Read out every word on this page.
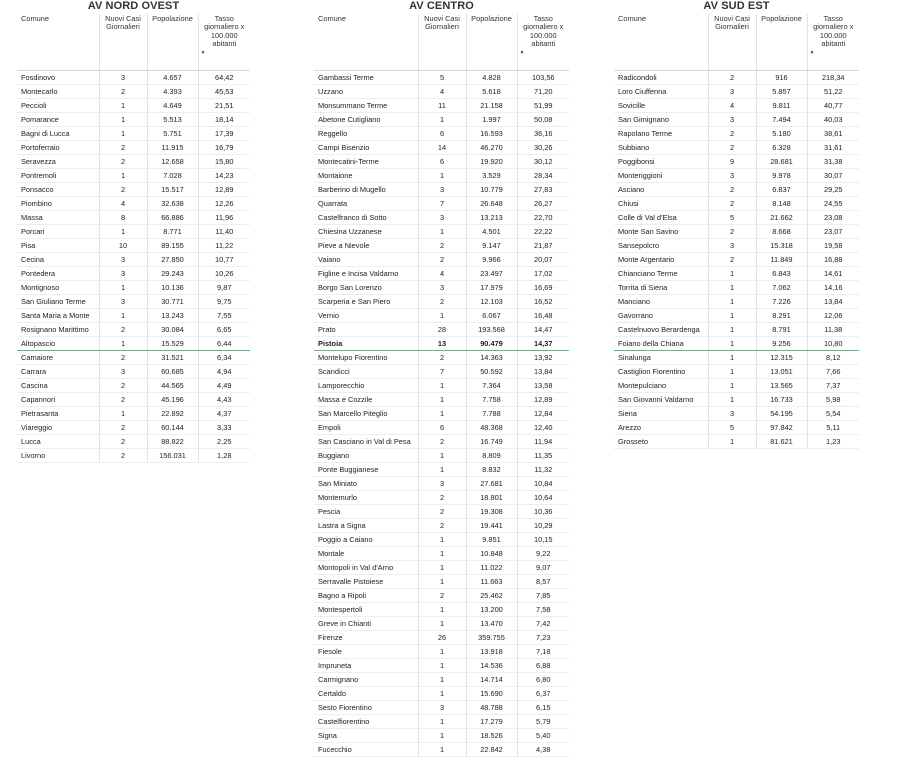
AV NORD OVEST
Comune	Nuovi Casi Giornalieri	Popolazione	Tasso giornaliero x 100.000 abitanti
▼

Fosdinovo	3	4.657	64,42
Montecarlo	2	4.393	45,53
Peccioli	1	4.649	21,51
Pomarance	1	5.513	18,14
Bagni di Lucca	1	5.751	17,39
Portoferraio	2	11.915	16,79
Seravezza	2	12.658	15,80
Pontremoli	1	7.028	14,23
Ponsacco	2	15.517	12,89
Piombino	4	32.638	12,26
Massa	8	66.886	11,96
Porcari	1	8.771	11,40
Pisa	10	89.155	11,22
Cecina	3	27.850	10,77
Pontedera	3	29.243	10,26
Montignoso	1	10.136	9,87
San Giuliano Terme	3	30.771	9,75
Santa Maria a Monte	1	13.243	7,55
Rosignano Marittimo	2	30.084	6,65
Altopascio	1	15.529	6,44
Camaiore	2	31.521	6,34
Carrara	3	60.685	4,94
Cascina	2	44.565	4,49
Capannori	2	45.196	4,43
Pietrasanta	1	22.892	4,37
Viareggio	2	60.144	3,33
Lucca	2	88.822	2,25
Livorno	2	156.031	1,28
AV CENTRO
Comune	Nuovi Casi Giornalieri	Popolazione	Tasso giornaliero x 100.000 abitanti
▼

Gambassi Terme	5	4.828	103,56
Uzzano	4	5.618	71,20
Monsummano Terme	11	21.158	51,99
Abetone Cutigliano	1	1.997	50,08
Reggello	6	16.593	36,16
Campi Bisenzio	14	46.270	30,26
Montecatini-Terme	6	19.920	30,12
Montaione	1	3.529	28,34
Barberino di Mugello	3	10.779	27,83
Quarrata	7	26.648	26,27
Castelfranco di Sotto	3	13.213	22,70
Chiesina Uzzanese	1	4.501	22,22
Pieve a Nievole	2	9.147	21,87
Vaiano	2	9.966	20,07
Figline e Incisa Valdarno	4	23.497	17,02
Borgo San Lorenzo	3	17.979	16,69
Scarperia e San Piero	2	12.103	16,52
Vernio	1	6.067	16,48
Prato	28	193.568	14,47
Pistoia	13	90.479	14,37
Montelupo Fiorentino	2	14.363	13,92
Scandicci	7	50.592	13,84
Lamporecchio	1	7.364	13,58
Massa e Cozzile	1	7.758	12,89
San Marcello Piteglio	1	7.788	12,84
Empoli	6	48.368	12,40
San Casciano in Val di Pesa	2	16.749	11,94
Buggiano	1	8.809	11,35
Ponte Buggianese	1	8.832	11,32
San Miniato	3	27.681	10,84
Montemurlo	2	18.801	10,64
Pescia	2	19.308	10,36
Lastra a Signa	2	19.441	10,29
Poggio a Caiano	1	9.851	10,15
Montale	1	10.848	9,22
Montopoli in Val d'Arno	1	11.022	9,07
Serravalle Pistoiese	1	11.663	8,57
Bagno a Ripoli	2	25.462	7,85
Montespertoli	1	13.200	7,58
Greve in Chianti	1	13.470	7,42
Firenze	26	359.755	7,23
Fiesole	1	13.918	7,18
Impruneta	1	14.536	6,88
Carmignano	1	14.714	6,80
Certaldo	1	15.690	6,37
Sesto Fiorentino	3	48.788	6,15
Castelfiorentino	1	17.279	5,79
Signa	1	18.526	5,40
Fucecchio	1	22.842	4,38
AV SUD EST
Comune	Nuovi Casi Giornalieri	Popolazione	Tasso giornaliero x 100.000 abitanti
▼

Radicondoli	2	916	218,34
Loro Ciuffenna	3	5.857	51,22
Sovicille	4	9.811	40,77
San Gimignano	3	7.494	40,03
Rapolano Terme	2	5.180	38,61
Subbiano	2	6.328	31,61
Poggibonsi	9	28.681	31,38
Monteriggioni	3	9.978	30,07
Asciano	2	6.837	29,25
Chiusi	2	8.148	24,55
Colle di Val d'Elsa	5	21.662	23,08
Monte San Savino	2	8.668	23,07
Sansepolcro	3	15.318	19,58
Monte Argentario	2	11.849	16,88
Chianciano Terme	1	6.843	14,61
Torrita di Siena	1	7.062	14,16
Manciano	1	7.226	13,84
Gavorrano	1	8.291	12,06
Castelnuovo Berardenga	1	8.791	11,38
Foiano della Chiana	1	9.256	10,80
Sinalunga	1	12.315	8,12
Castiglion Fiorentino	1	13.051	7,66
Montepulciano	1	13.565	7,37
San Giovanni Valdarno	1	16.733	5,98
Siena	3	54.195	5,54
Arezzo	5	97.842	5,11
Grosseto	1	81.621	1,23
